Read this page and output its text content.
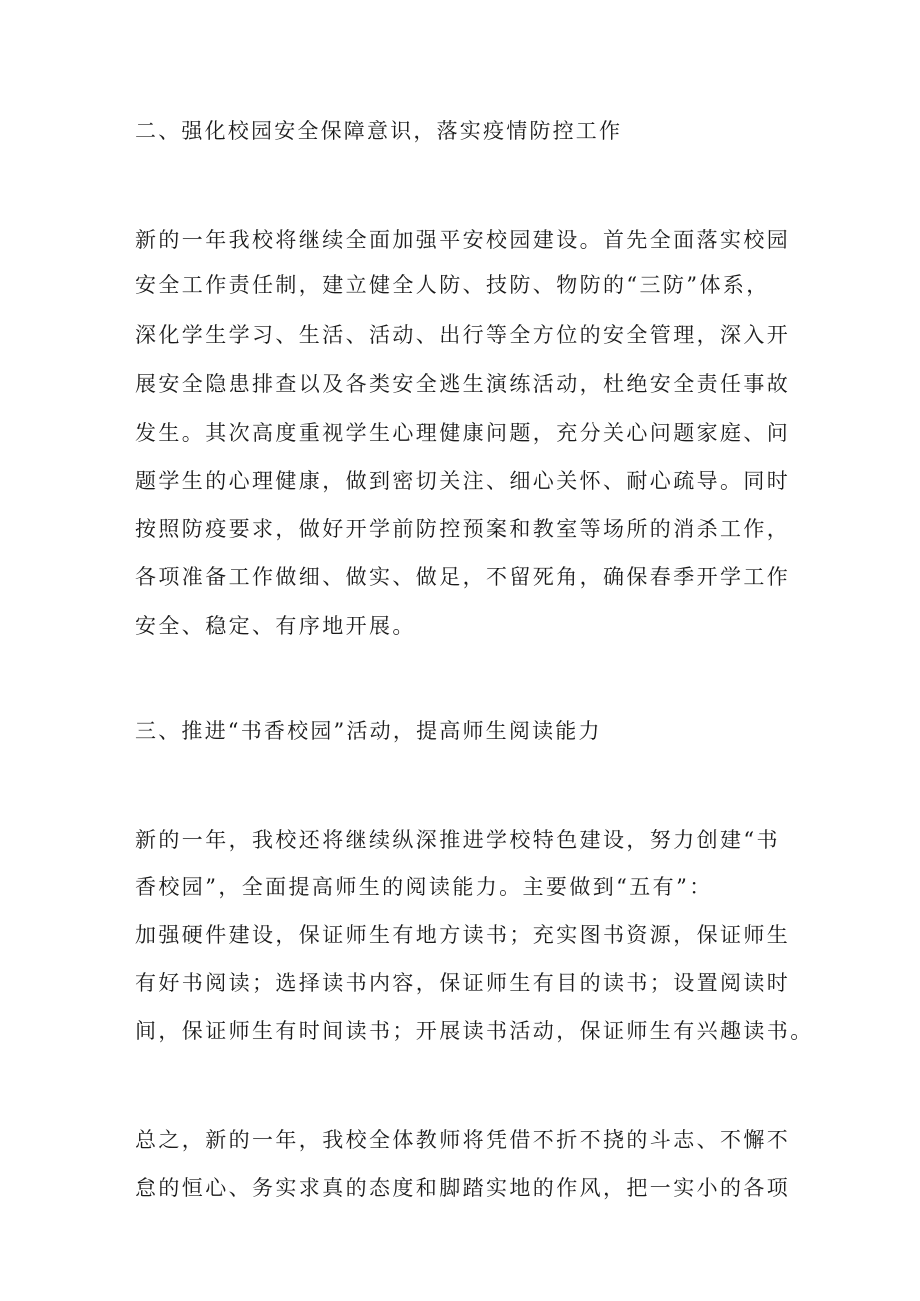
二、强化校园安全保障意识，落实疫情防控工作
新的一年我校将继续全面加强平安校园建设。首先全面落实校园
安全工作责任制，建立健全人防、技防、物防的“三防”体系，
深化学生学习、生活、活动、出行等全方位的安全管理，深入开
展安全隐患排查以及各类安全逃生演练活动，杜绝安全责任事故
发生。其次高度重视学生心理健康问题，充分关心问题家庭、问
题学生的心理健康，做到密切关注、细心关怀、耐心疏导。同时
按照防疫要求，做好开学前防控预案和教室等场所的消杀工作，
各项准备工作做细、做实、做足，不留死角，确保春季开学工作
安全、稳定、有序地开展。
三、推进“书香校园”活动，提高师生阅读能力
新的一年，我校还将继续纵深推进学校特色建设，努力创建“书
香校园”，全面提高师生的阅读能力。主要做到“五有”：
加强硬件建设，保证师生有地方读书；充实图书资源，保证师生
有好书阅读；选择读书内容，保证师生有目的读书；设置阅读时
间，保证师生有时间读书；开展读书活动，保证师生有兴趣读书。
总之，新的一年，我校全体教师将凭借不折不挠的斗志、不懈不
怠的恒心、务实求真的态度和脚踏实地的作风，把一实小的各项
